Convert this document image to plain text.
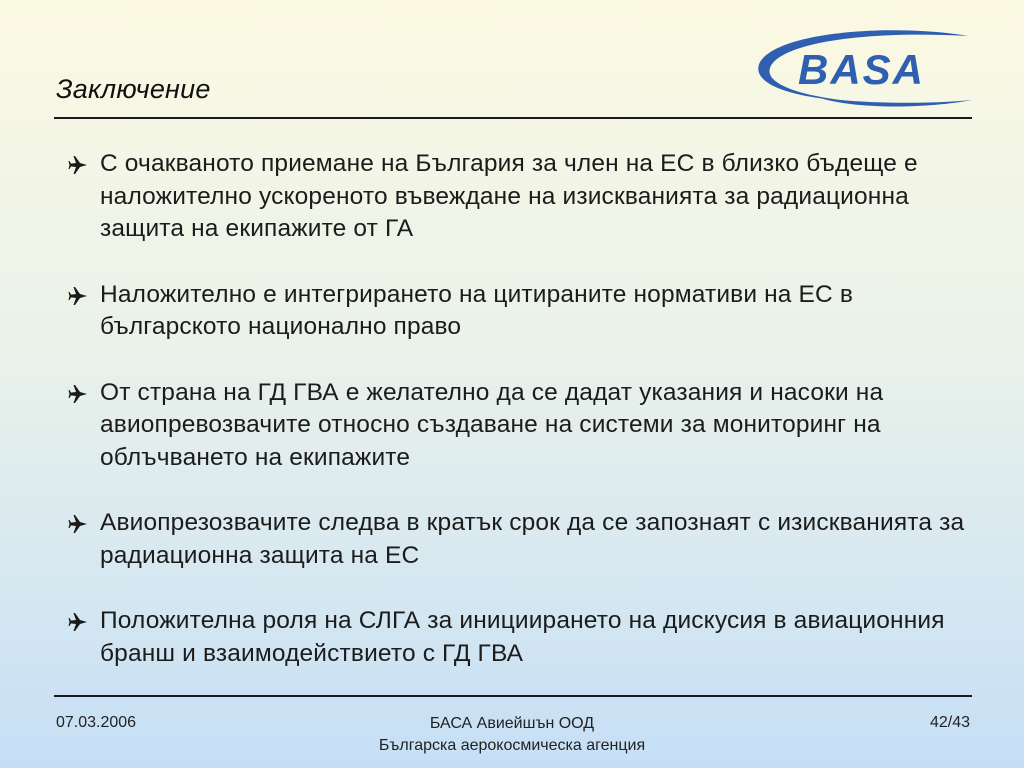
Заключение	BASA
С очакваното приемане на България за член на ЕС в близко бъдеще е наложително ускореното въвеждане на изискванията за радиационна защита на екипажите от ГА
Наложително е интегрирането на цитираните нормативи на ЕС в българското национално право
От страна на ГД ГВА е желателно да се дадат указания и насоки на авиопревозвачите относно създаване на системи за мониторинг на облъчването на екипажите
Авиопрезозвачите следва в кратък срок да се запознаят с изискванията за радиационна защита на ЕС
Положителна роля на СЛГА за инициирането на дискусия в авиационния бранш и взаимодействието с ГД ГВА
07.03.2006	БАСА Авиейшън ООД
Българска аерокосмическа агенция
42/43
